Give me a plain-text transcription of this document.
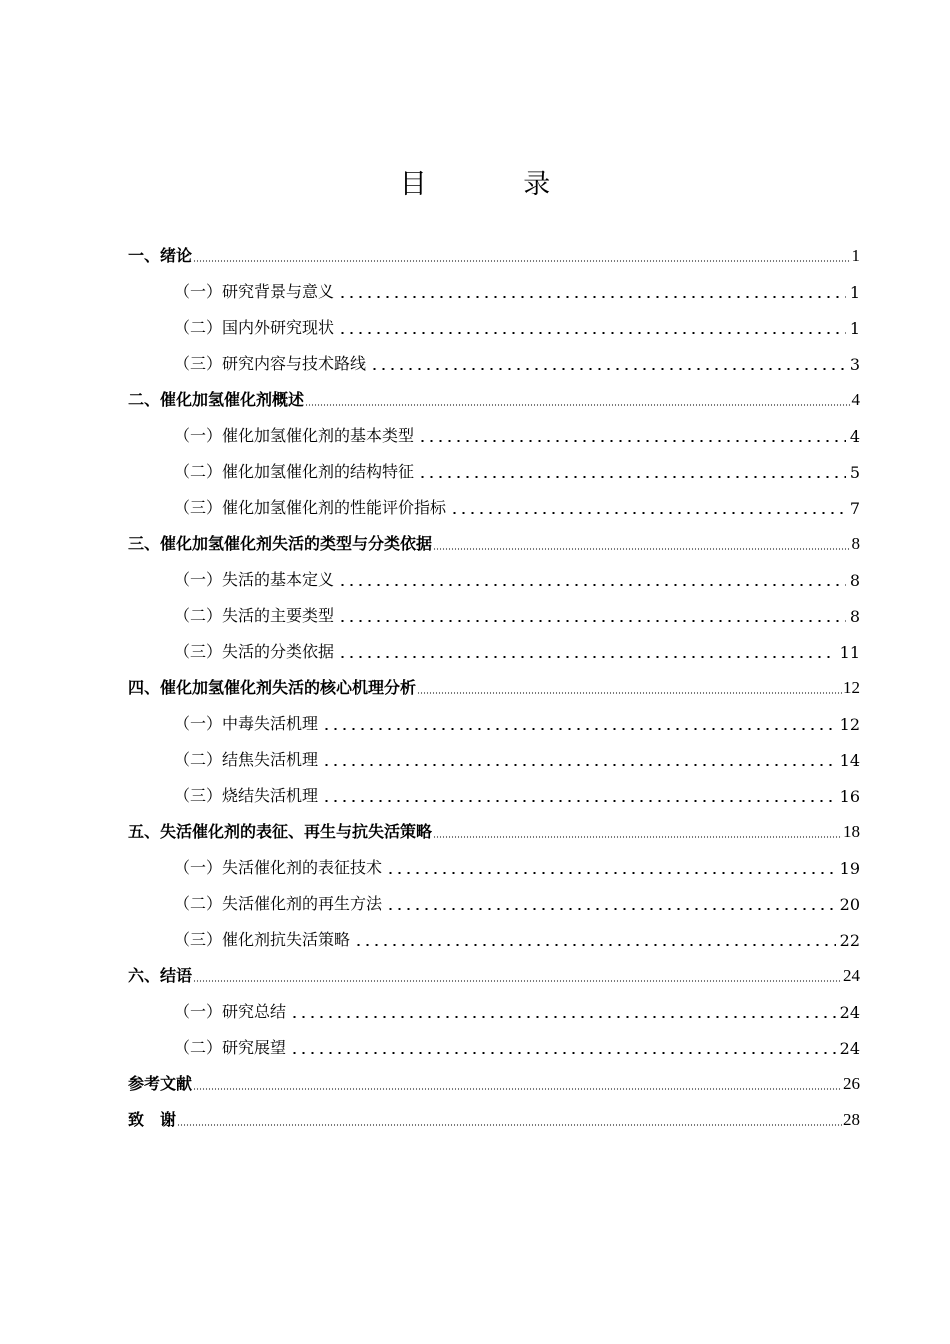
目 录
一、绪论	1
（一）研究背景与意义	1
（二）国内外研究现状	1
（三）研究内容与技术路线	3
二、催化加氢催化剂概述	4
（一）催化加氢催化剂的基本类型	4
（二）催化加氢催化剂的结构特征	5
（三）催化加氢催化剂的性能评价指标	7
三、催化加氢催化剂失活的类型与分类依据	8
（一）失活的基本定义	8
（二）失活的主要类型	8
（三）失活的分类依据	11
四、催化加氢催化剂失活的核心机理分析	12
（一）中毒失活机理	12
（二）结焦失活机理	14
（三）烧结失活机理	16
五、失活催化剂的表征、再生与抗失活策略	18
（一）失活催化剂的表征技术	19
（二）失活催化剂的再生方法	20
（三）催化剂抗失活策略	22
六、结语	24
（一）研究总结	24
（二）研究展望	24
参考文献	26
致　谢	28
